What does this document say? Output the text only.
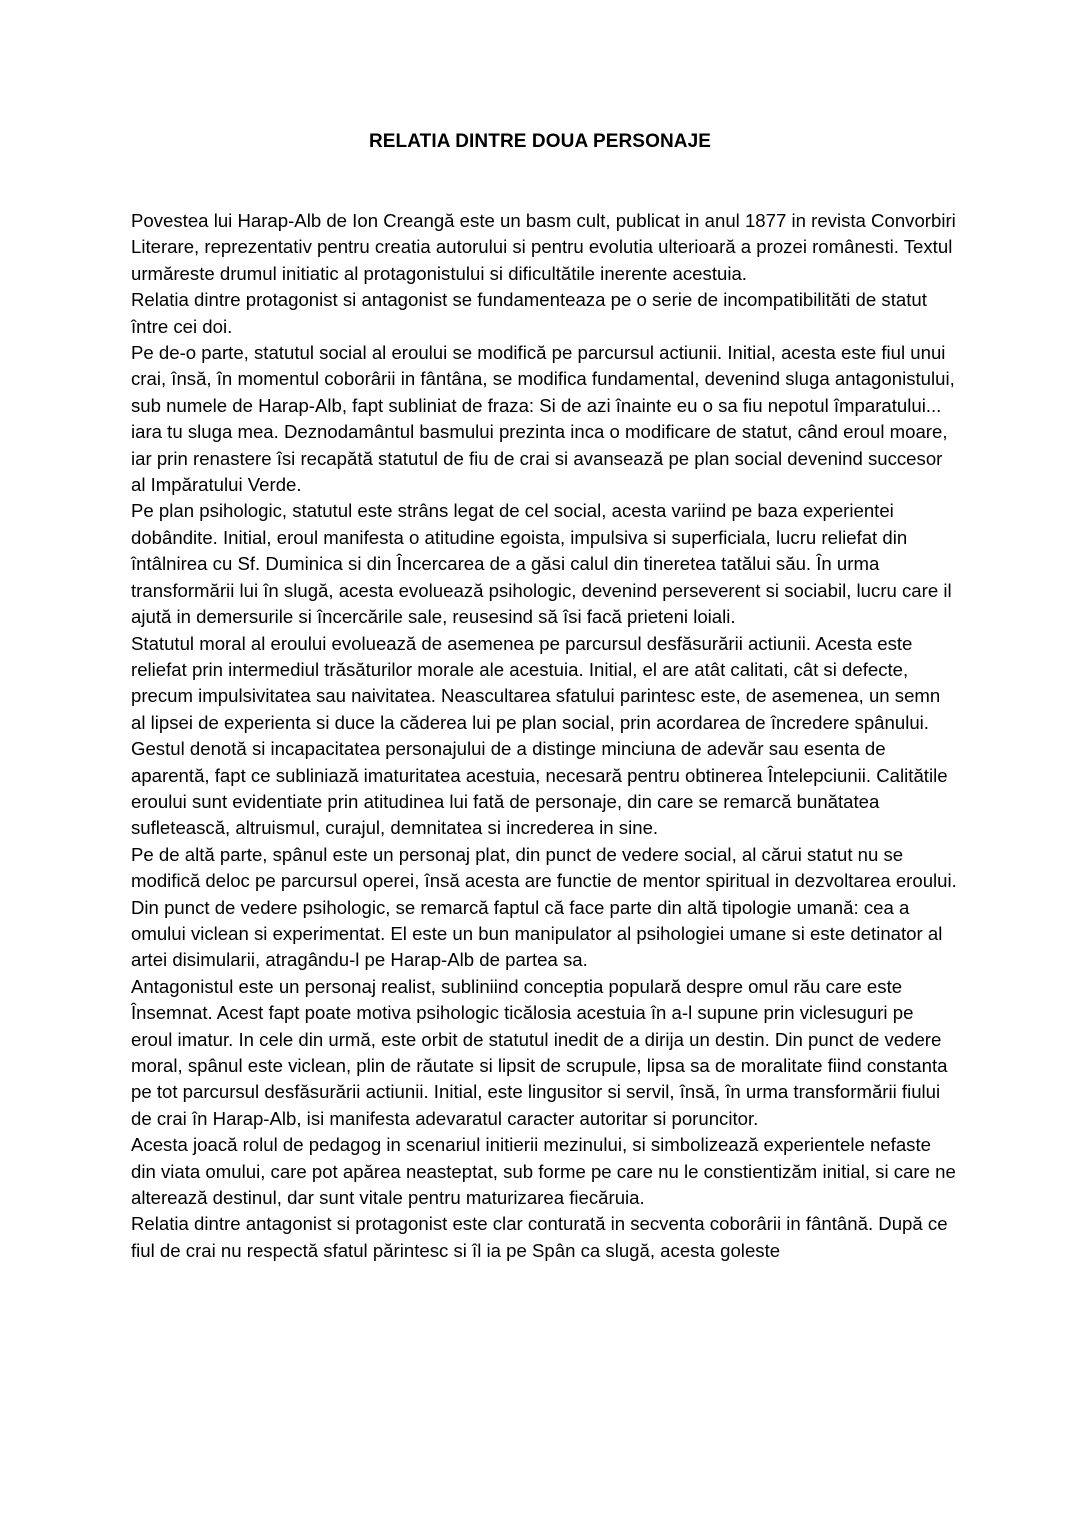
RELATIA DINTRE DOUA PERSONAJE

Povestea lui Harap-Alb de Ion Creangă este un basm cult, publicat in anul 1877 in revista Convorbiri Literare, reprezentativ pentru creatia autorului si pentru evolutia ulterioară a prozei românesti. Textul urmăreste drumul initiatic al protagonistului si dificultătile inerente acestuia.

Relatia dintre protagonist si antagonist se fundamenteaza pe o serie de incompatibilităti de statut între cei doi.

Pe de-o parte, statutul social al eroului se modifică pe parcursul actiunii. Initial, acesta este fiul unui crai, însă, în momentul coborârii in fântâna, se modifica fundamental, devenind sluga antagonistului, sub numele de Harap-Alb, fapt subliniat de fraza: Si de azi înainte eu o sa fiu nepotul împaratului... iara tu sluga mea. Deznodamântul basmului prezinta inca o modificare de statut, când eroul moare, iar prin renastere îsi recapătă statutul de fiu de crai si avansează pe plan social devenind succesor al Impăratului Verde.

Pe plan psihologic, statutul este strâns legat de cel social, acesta variind pe baza experientei dobândite. Initial, eroul manifesta o atitudine egoista, impulsiva si superficiala, lucru reliefat din întâlnirea cu Sf. Duminica si din Încercarea de a găsi calul din tineretea tatălui său. În urma transformării lui în slugă, acesta evoluează psihologic, devenind perseverent si sociabil, lucru care il ajută in demersurile si încercările sale, reusesind să îsi facă prieteni loiali.

Statutul moral al eroului evoluează de asemenea pe parcursul desfăsurării actiunii. Acesta este reliefat prin intermediul trăsăturilor morale ale acestuia. Initial, el are atât calitati, cât si defecte, precum impulsivitatea sau naivitatea. Neascultarea sfatului parintesc este, de asemenea, un semn al lipsei de experienta si duce la căderea lui pe plan social, prin acordarea de încredere spânului. Gestul denotă si incapacitatea personajului de a distinge minciuna de adevăr sau esenta de aparentă, fapt ce subliniază imaturitatea acestuia, necesară pentru obtinerea Întelepciunii. Calitătile eroului sunt evidentiate prin atitudinea lui fată de personaje, din care se remarcă bunătatea sufletească, altruismul, curajul, demnitatea si increderea in sine.

Pe de altă parte, spânul este un personaj plat, din punct de vedere social, al cărui statut nu se modifică deloc pe parcursul operei, însă acesta are functie de mentor spiritual in dezvoltarea eroului. Din punct de vedere psihologic, se remarcă faptul că face parte din altă tipologie umană: cea a omului viclean si experimentat. El este un bun manipulator al psihologiei umane si este detinator al artei disimularii, atragându-l pe Harap-Alb de partea sa.

Antagonistul este un personaj realist, subliniind conceptia populară despre omul rău care este Însemnat. Acest fapt poate motiva psihologic ticălosia acestuia în a-l supune prin viclesuguri pe eroul imatur. In cele din urmă, este orbit de statutul inedit de a dirija un destin. Din punct de vedere moral, spânul este viclean, plin de răutate si lipsit de scrupule, lipsa sa de moralitate fiind constanta pe tot parcursul desfăsurării actiunii. Initial, este lingusitor si servil, însă, în urma transformării fiului de crai în Harap-Alb, isi manifesta adevaratul caracter autoritar si poruncitor.

Acesta joacă rolul de pedagog in scenariul initierii mezinului, si simbolizează experientele nefaste din viata omului, care pot apărea neasteptat, sub forme pe care nu le constientizăm initial, si care ne alterează destinul, dar sunt vitale pentru maturizarea fiecăruia.

Relatia dintre antagonist si protagonist este clar conturată in secventa coborârii in fântână. După ce fiul de crai nu respectă sfatul părintesc si îl ia pe Spân ca slugă, acesta goleste
